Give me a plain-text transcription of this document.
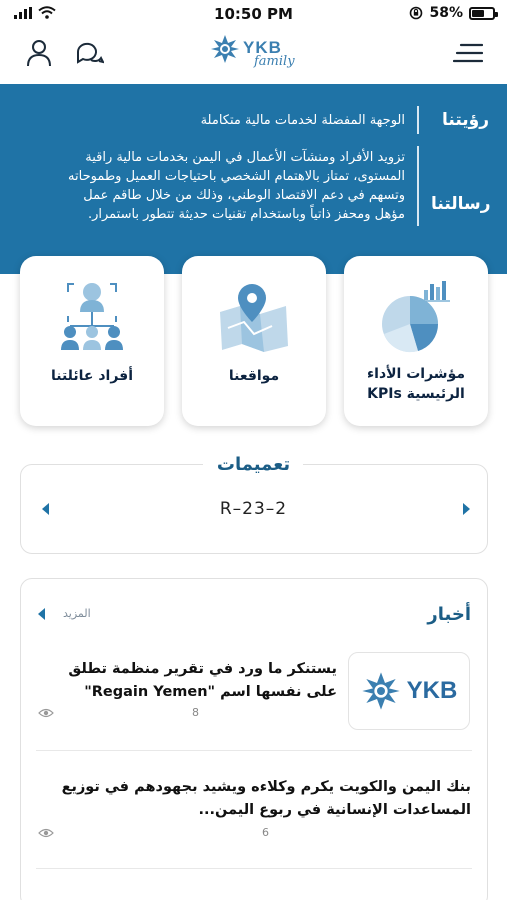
10:50 PM	58%
YKB
family
رؤيتنا
الوجهة المفضلة لخدمات مالية متكاملة
رسالتنا
تزويد الأفراد ومنشآت الأعمال في اليمن بخدمات مالية راقية
المستوى، تمتاز بالاهتمام الشخصي باحتياجات العميل وطموحاته
وتسهم في دعم الاقتصاد الوطني، وذلك من خلال طاقم عمل
مؤهل ومحفز ذاتياً وباستخدام تقنيات حديثة تتطور باستمرار.
مؤشرات الأداء
الرئيسية KPIs
مواقعنا
أفراد عائلتنا
تعميمات
R–23–2
أخبار
المزيد
YKB
يستنكر ما ورد في تقرير منظمة تطلق
على نفسها اسم "Regain Yemen"
8
بنك اليمن والكويت يكرم وكلاءه ويشيد بجهودهم في توزيع
المساعدات الإنسانية في ربوع اليمن...
6
